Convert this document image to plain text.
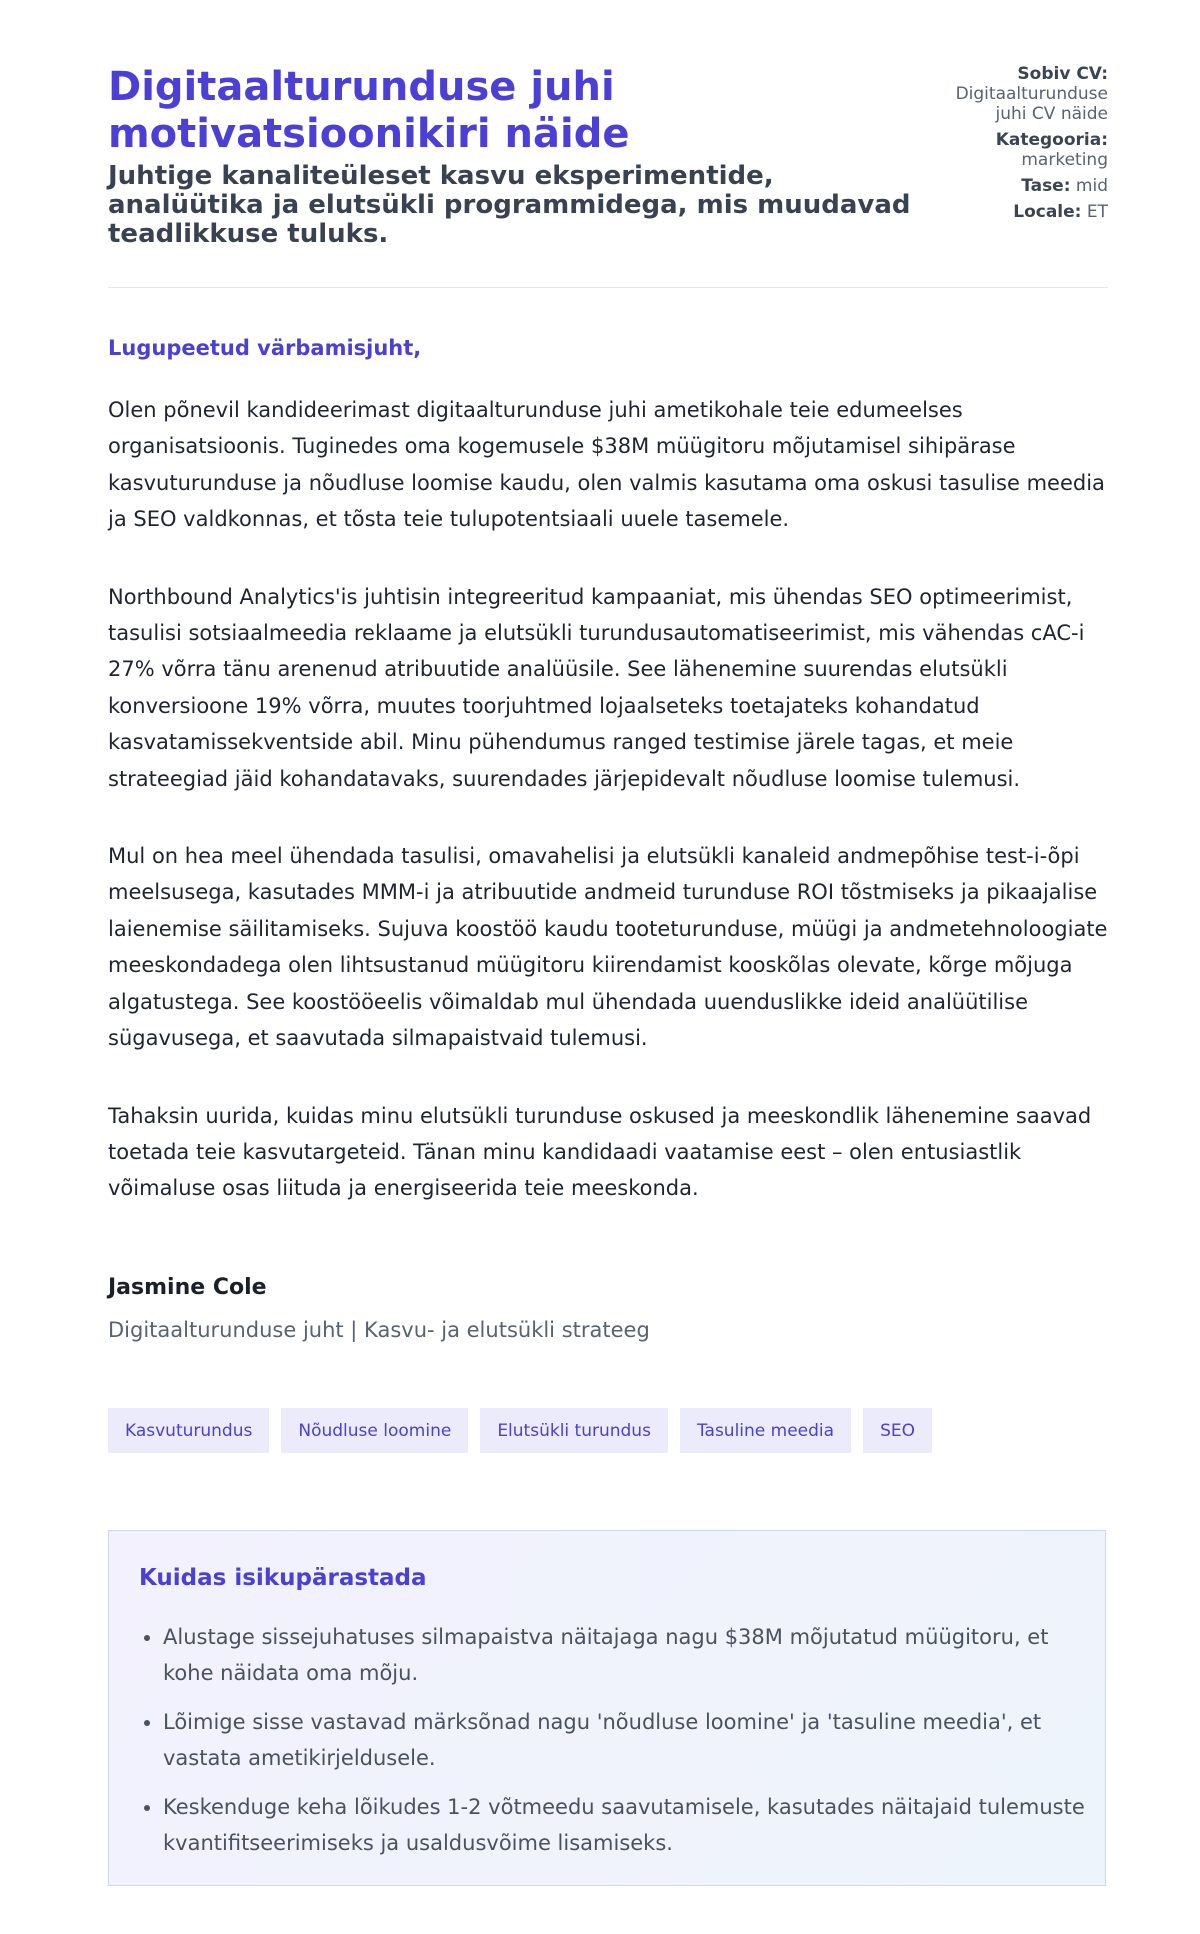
Digitaalturunduse juhi motivatsioonikiri näide

Juhtige kanaliteüleset kasvu eksperimentide, analüütika ja elutsükli programmidega, mis muudavad teadlikkuse tuluks.

Sobiv CV:
Digitaalturunduse juhi CV näide
Kategooria:
marketing
Tase: mid
Locale: ET
Lugupeetud värbamisjuht,

Olen põnevil kandideerimast digitaalturunduse juhi ametikohale teie edumeelses organisatsioonis. Tuginedes oma kogemusele $38M müügitoru mõjutamisel sihipärase kasvuturunduse ja nõudluse loomise kaudu, olen valmis kasutama oma oskusi tasulise meedia ja SEO valdkonnas, et tõsta teie tulupotentsiaali uuele tasemele.

Northbound Analytics'is juhtisin integreeritud kampaaniat, mis ühendas SEO optimeerimist, tasulisi sotsiaalmeedia reklaame ja elutsükli turundusautomatiseerimist, mis vähendas cAC-i 27% võrra tänu arenenud atribuutide analüüsile. See lähenemine suurendas elutsükli konversioone 19% võrra, muutes toorjuhtmed lojaalseteks toetajateks kohandatud kasvatamissekventside abil. Minu pühendumus ranged testimise järele tagas, et meie strateegiad jäid kohandatavaks, suurendades järjepidevalt nõudluse loomise tulemusi.

Mul on hea meel ühendada tasulisi, omavahelisi ja elutsükli kanaleid andmepõhise test-i-õpi meelsusega, kasutades MMM-i ja atribuutide andmeid turunduse ROI tõstmiseks ja pikaajalise laienemise säilitamiseks. Sujuva koostöö kaudu tooteturunduse, müügi ja andmetehnoloogiate meeskondadega olen lihtsustanud müügitoru kiirendamist kooskõlas olevate, kõrge mõjuga algatustega. See koostööeelis võimaldab mul ühendada uuenduslikke ideid analüütilise sügavusega, et saavutada silmapaistvaid tulemusi.

Tahaksin uurida, kuidas minu elutsükli turunduse oskused ja meeskondlik lähenemine saavad toetada teie kasvutargeteid. Tänan minu kandidaadi vaatamise eest – olen entusiastlik võimaluse osas liituda ja energiseerida teie meeskonda.

Jasmine Cole
Digitaalturunduse juht | Kasvu- ja elutsükli strateeg
Kasvuturundus	Nõudluse loomine	Elutsükli turundus	Tasuline meedia	SEO
Kuidas isikupärastada
• Alustage sissejuhatuses silmapaistva näitajaga nagu $38M mõjutatud müügitoru, et kohe näidata oma mõju.
• Lõimige sisse vastavad märksõnad nagu 'nõudluse loomine' ja 'tasuline meedia', et vastata ametikirjeldusele.
• Keskenduge keha lõikudes 1-2 võtmeedu saavutamisele, kasutades näitajaid tulemuste kvantifitseerimiseks ja usaldusvõime lisamiseks.
